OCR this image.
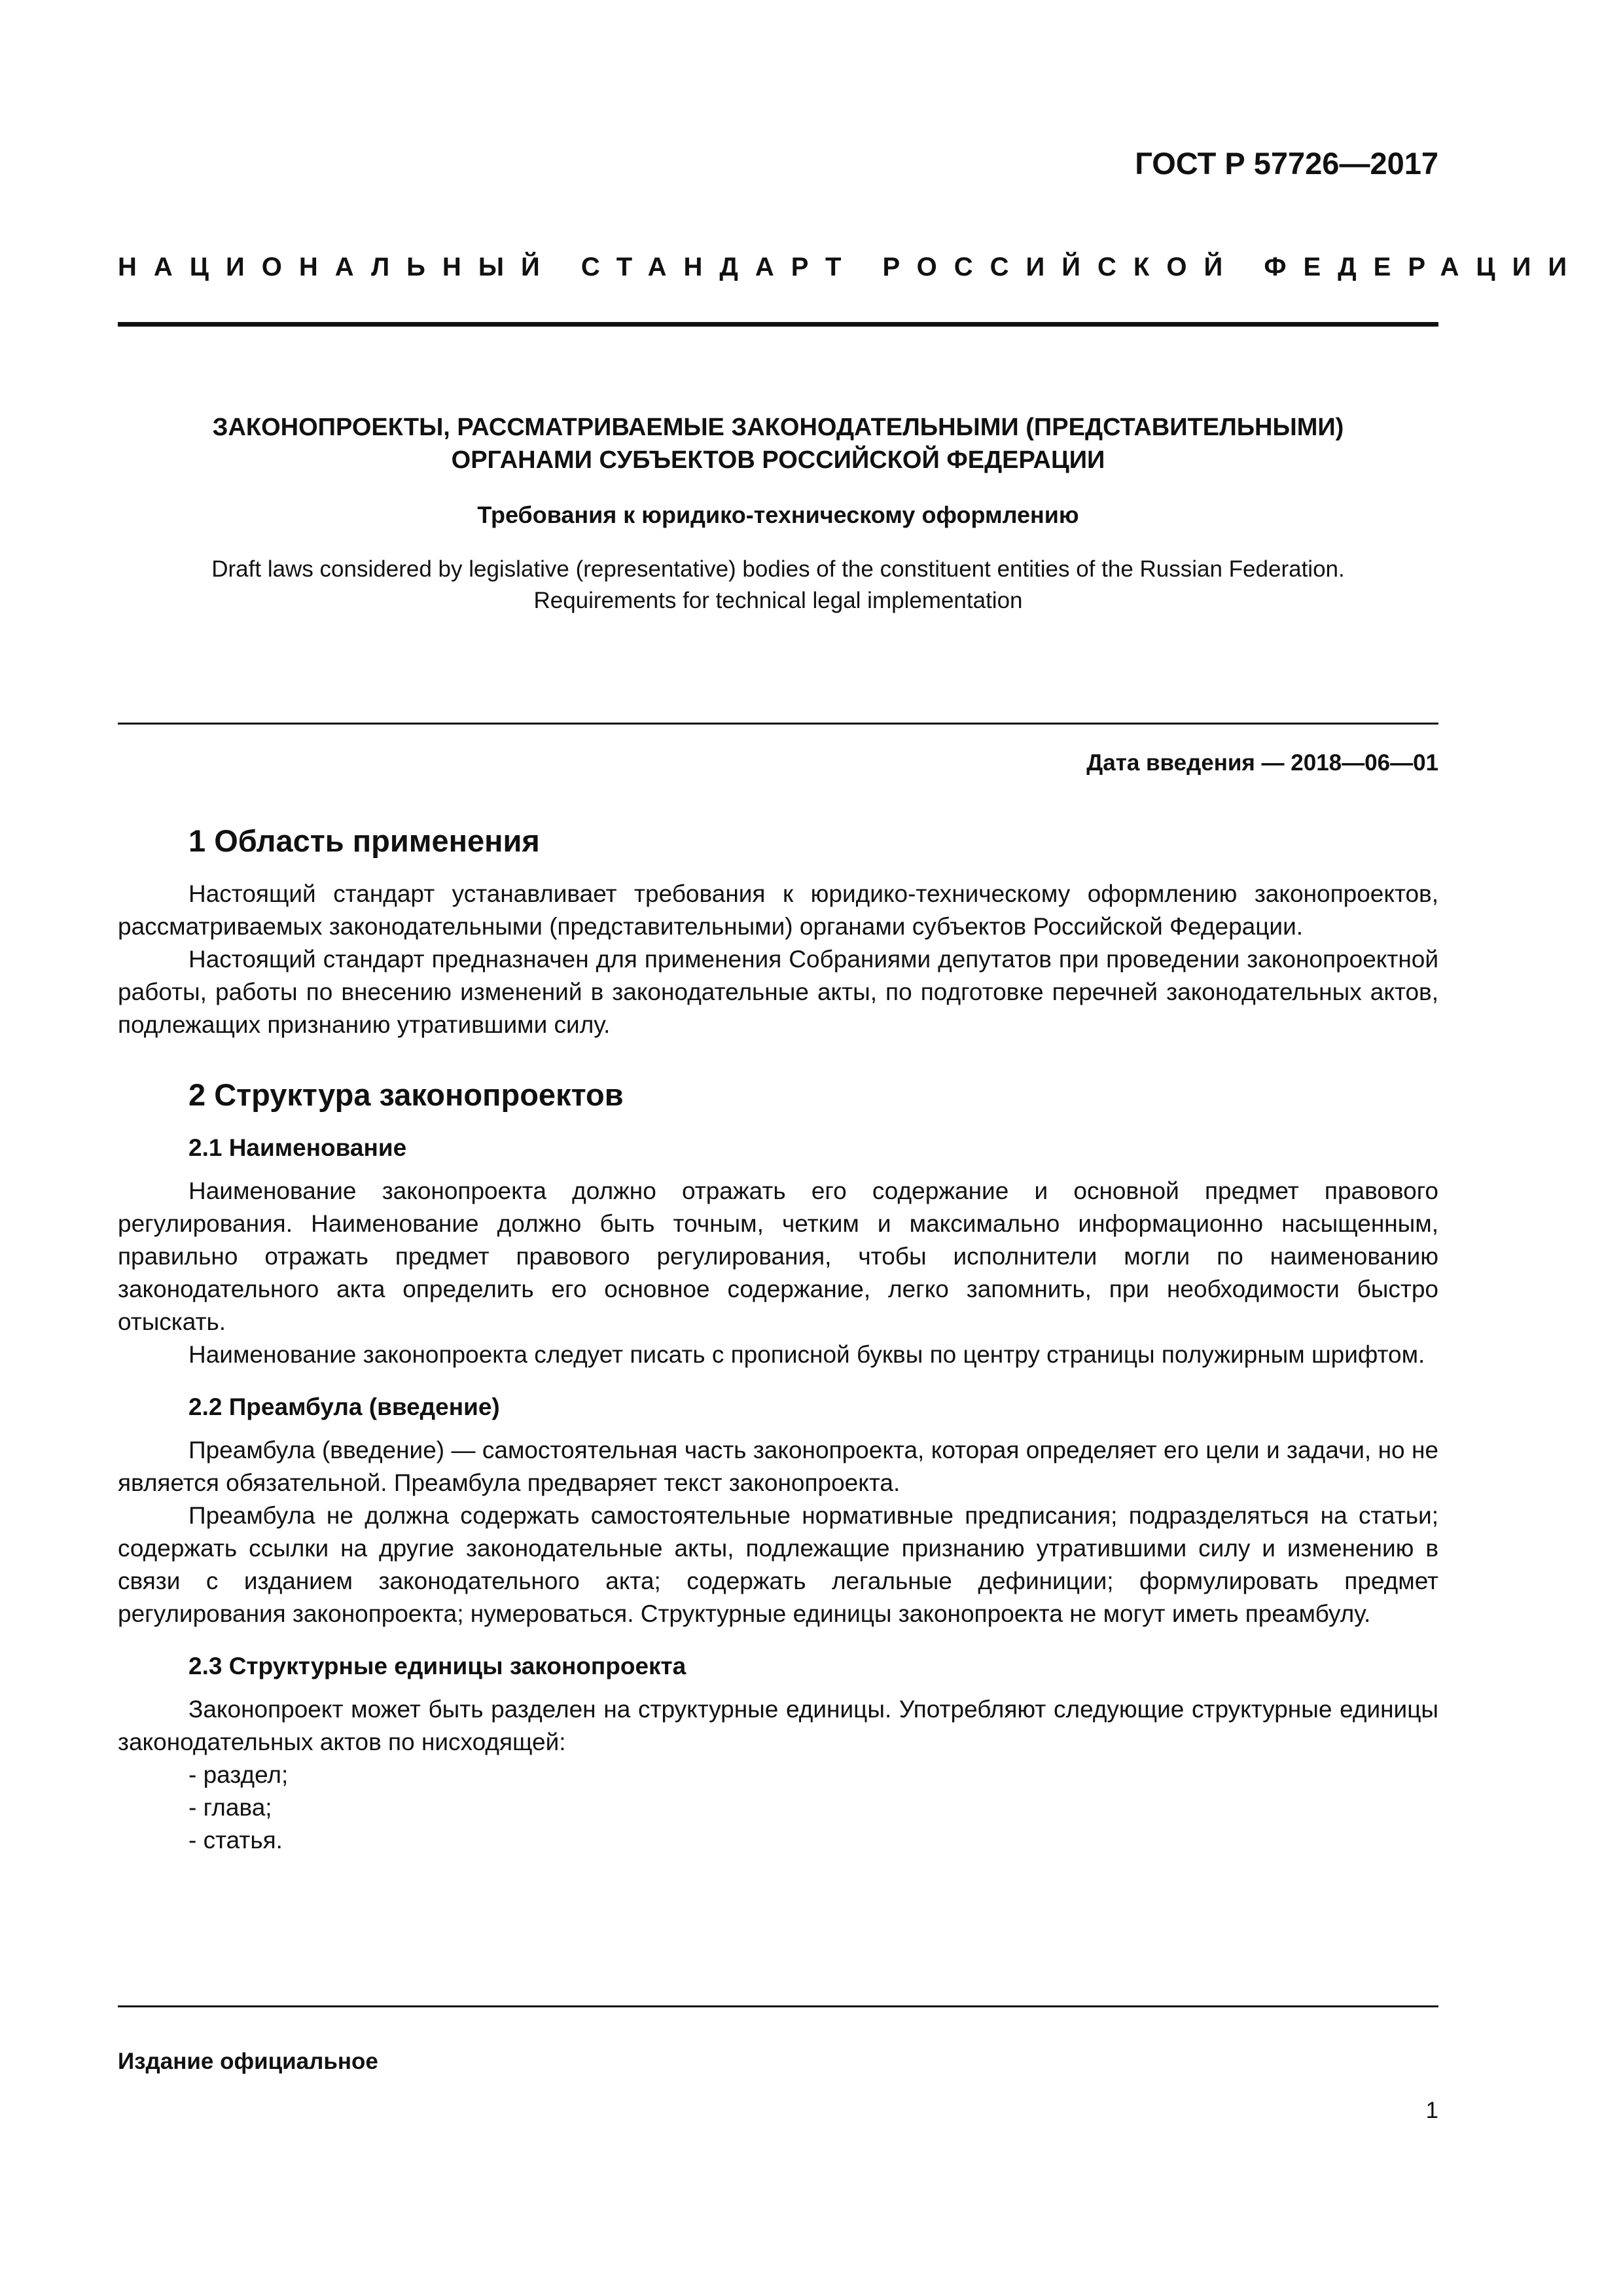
ГОСТ Р 57726—2017
НАЦИОНАЛЬНЫЙ СТАНДАРТ РОССИЙСКОЙ ФЕДЕРАЦИИ

ЗАКОНОПРОЕКТЫ, РАССМАТРИВАЕМЫЕ ЗАКОНОДАТЕЛЬНЫМИ (ПРЕДСТАВИТЕЛЬНЫМИ)

ОРГАНАМИ СУБЪЕКТОВ РОССИЙСКОЙ ФЕДЕРАЦИИ

Требования к юридико-техническому оформлению

Draft laws considered by legislative (representative) bodies of the constituent entities of the Russian Federation.

Requirements for technical legal implementation

Дата введения — 2018—06—01
1 Область применения

Настоящий стандарт устанавливает требования к юридико-техническому оформлению законопроектов, рассматриваемых законодательными (представительными) органами субъектов Российской Федерации.

Настоящий стандарт предназначен для применения Собраниями депутатов при проведении законопроектной работы, работы по внесению изменений в законодательные акты, по подготовке перечней законодательных актов, подлежащих признанию утратившими силу.

2 Структура законопроектов
2.1 Наименование

Наименование законопроекта должно отражать его содержание и основной предмет правового регулирования. Наименование должно быть точным, четким и максимально информационно насыщенным, правильно отражать предмет правового регулирования, чтобы исполнители могли по наименованию законодательного акта определить его основное содержание, легко запомнить, при необходимости быстро отыскать.

Наименование законопроекта следует писать с прописной буквы по центру страницы полужирным шрифтом.

2.2 Преамбула (введение)

Преамбула (введение) — самостоятельная часть законопроекта, которая определяет его цели и задачи, но не является обязательной. Преамбула предваряет текст законопроекта.

Преамбула не должна содержать самостоятельные нормативные предписания; подразделяться на статьи; содержать ссылки на другие законодательные акты, подлежащие признанию утратившими силу и изменению в связи с изданием законодательного акта; содержать легальные дефиниции; формулировать предмет регулирования законопроекта; нумероваться. Структурные единицы законопроекта не могут иметь преамбулу.

2.3 Структурные единицы законопроекта

Законопроект может быть разделен на структурные единицы. Употребляют следующие структурные единицы законодательных актов по нисходящей:

- раздел;
- глава;
- статья.
Издание официальное
1
